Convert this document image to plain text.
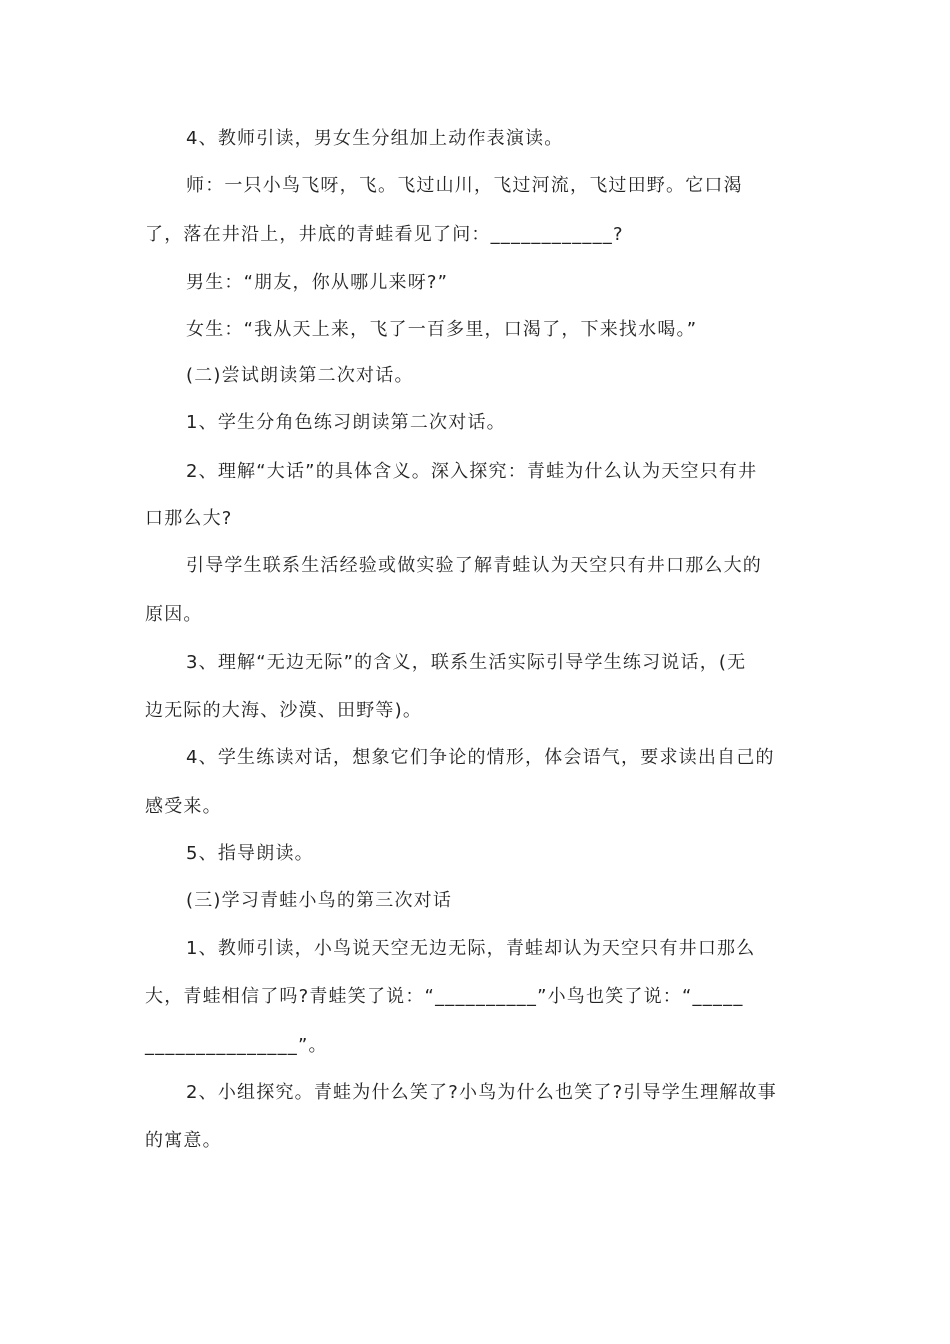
4、教师引读，男女生分组加上动作表演读。
师：一只小鸟飞呀，飞。飞过山川，飞过河流，飞过田野。它口渴
了，落在井沿上，井底的青蛙看见了问：____________?
男生：“朋友，你从哪儿来呀?”
女生：“我从天上来，飞了一百多里，口渴了，下来找水喝。”
(二)尝试朗读第二次对话。
1、学生分角色练习朗读第二次对话。
2、理解“大话”的具体含义。深入探究：青蛙为什么认为天空只有井
口那么大?
引导学生联系生活经验或做实验了解青蛙认为天空只有井口那么大的
原因。
3、理解“无边无际”的含义，联系生活实际引导学生练习说话，(无
边无际的大海、沙漠、田野等)。
4、学生练读对话，想象它们争论的情形，体会语气，要求读出自己的
感受来。
5、指导朗读。
(三)学习青蛙小鸟的第三次对话
1、教师引读，小鸟说天空无边无际，青蛙却认为天空只有井口那么
大，青蛙相信了吗?青蛙笑了说：“__________”小鸟也笑了说：“_____
_______________”。
2、小组探究。青蛙为什么笑了?小鸟为什么也笑了?引导学生理解故事
的寓意。
